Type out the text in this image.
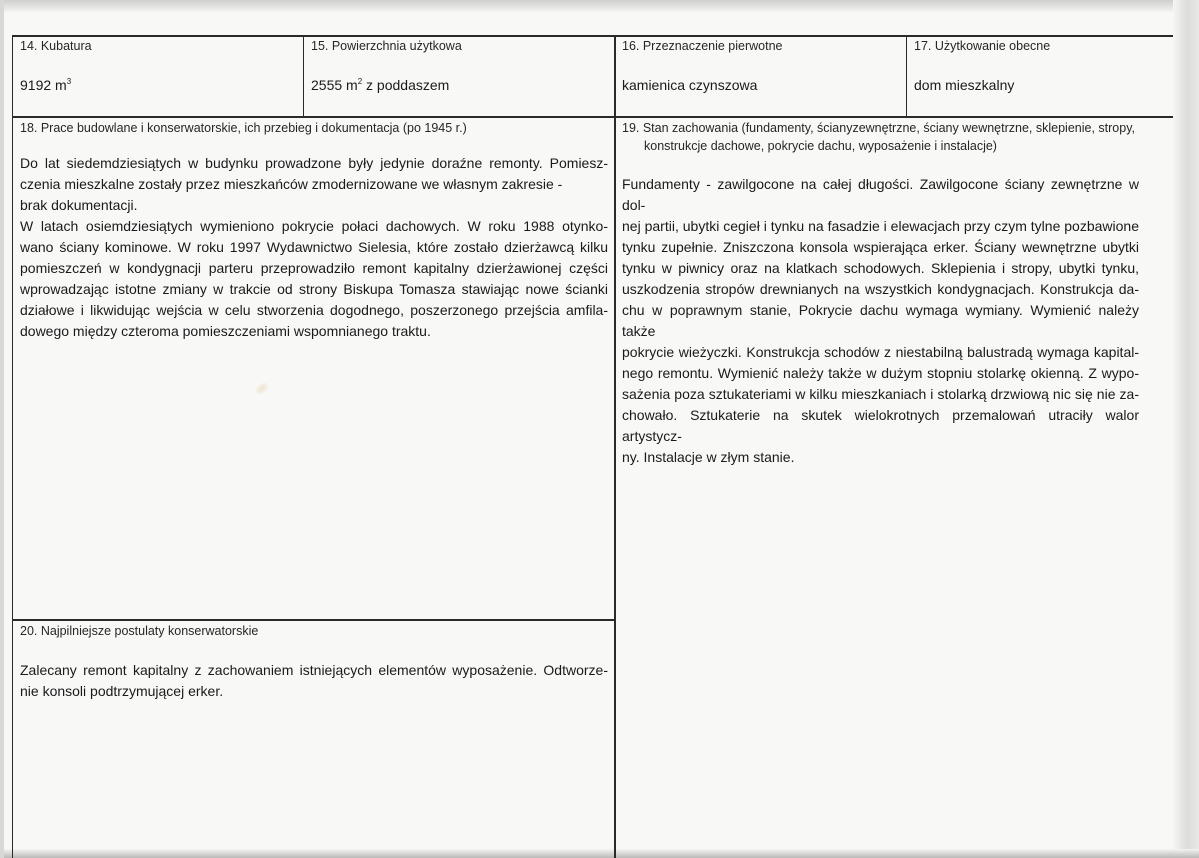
14. Kubatura
9192 $m^3$
15. Powierzchnia użytkowa
2555 $m^2$ z poddaszem
16. Przeznaczenie pierwotne
kamienica czynszowa
17. Użytkowanie obecne
dom mieszkalny
18. Prace budowlane i konserwatorskie, ich przebieg i dokumentacja (po 1945 r.)

Do lat siedemdziesiątych w budynku prowadzone były jedynie doraźne remonty. Pomiesz-

czenia mieszkalne zostały przez mieszkańców zmodernizowane we własnym zakresie -

brak dokumentacji.

W latach osiemdziesiątych wymieniono pokrycie połaci dachowych. W roku 1988 otynko-

wano ściany kominowe. W roku 1997 Wydawnictwo Sielesia, które zostało dzierżawcą kilku

pomieszczeń w kondygnacji parteru przeprowadziło remont kapitalny dzierżawionej części

wprowadzając istotne zmiany w trakcie od strony Biskupa Tomasza stawiając nowe ścianki

działowe i likwidując wejścia w celu stworzenia dogodnego, poszerzonego przejścia amfila-

dowego między czteroma pomieszczeniami wspomnianego traktu.

19. Stan zachowania (fundamenty, ścianyzewnętrzne, ściany wewnętrzne, sklepienie, stropy,
konstrukcje dachowe, pokrycie dachu, wyposażenie i instalacje)

Fundamenty - zawilgocone na całej długości. Zawilgocone ściany zewnętrzne w dol-

nej partii, ubytki cegieł i tynku na fasadzie i elewacjach przy czym tylne pozbawione

tynku zupełnie. Zniszczona konsola wspierająca erker. Ściany wewnętrzne ubytki

tynku w piwnicy oraz na klatkach schodowych. Sklepienia i stropy, ubytki tynku,

uszkodzenia stropów drewnianych na wszystkich kondygnacjach. Konstrukcja da-

chu w poprawnym stanie, Pokrycie dachu wymaga wymiany. Wymienić należy także

pokrycie wieżyczki. Konstrukcja schodów z niestabilną balustradą wymaga kapital-

nego remontu. Wymienić należy także w dużym stopniu stolarkę okienną. Z wypo-

sażenia poza sztukateriami w kilku mieszkaniach i stolarką drzwiową nic się nie za-

chowało. Sztukaterie na skutek wielokrotnych przemalowań utraciły walor artystycz-

ny. Instalacje w złym stanie.

20. Najpilniejsze postulaty konserwatorskie

Zalecany remont kapitalny z zachowaniem istniejących elementów wyposażenie. Odtworze-

nie konsoli podtrzymującej erker.
